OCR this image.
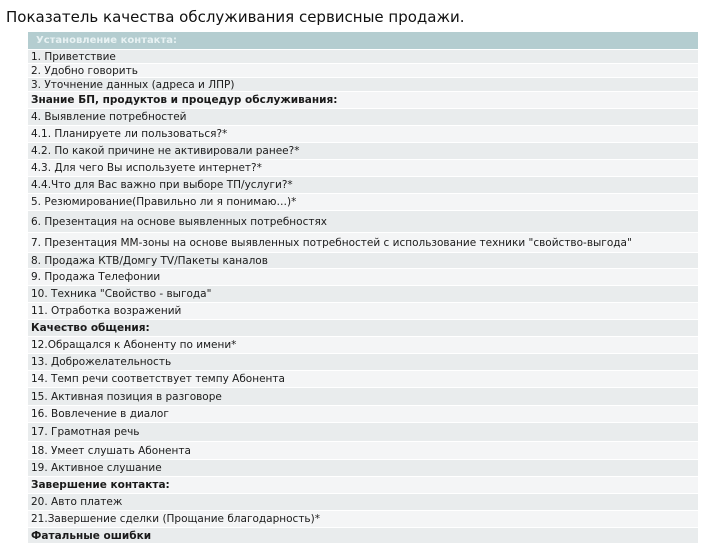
Показатель качества обслуживания сервисные продажи.
Установление контакта:
1. Приветствие
2. Удобно говорить
3. Уточнение данных (адреса и ЛПР)
Знание БП, продуктов и процедур обслуживания:
4. Выявление потребностей
4.1. Планируете ли пользоваться?*
4.2. По какой причине не активировали ранее?*
4.3. Для чего Вы используете интернет?*
4.4.Что для Вас важно при выборе ТП/услуги?*
5. Резюмирование(Правильно ли я понимаю…)*
6. Презентация на основе выявленных потребностях
7. Презентация ММ-зоны на основе выявленных потребностей с использование техники "свойство-выгода"
8. Продажа КТВ/Домгу TV/Пакеты каналов
9. Продажа Телефонии
10. Техника "Свойство - выгода"
11. Отработка возражений
Качество общения:
12.Обращался к Абоненту по имени*
13. Доброжелательность
14. Темп речи соответствует темпу Абонента
15. Активная позиция в разговоре
16. Вовлечение в диалог
17. Грамотная речь
18. Умеет слушать Абонента
19. Активное слушание
Завершение контакта:
20. Авто платеж
21.Завершение сделки (Прощание благодарность)*
Фатальные ошибки
